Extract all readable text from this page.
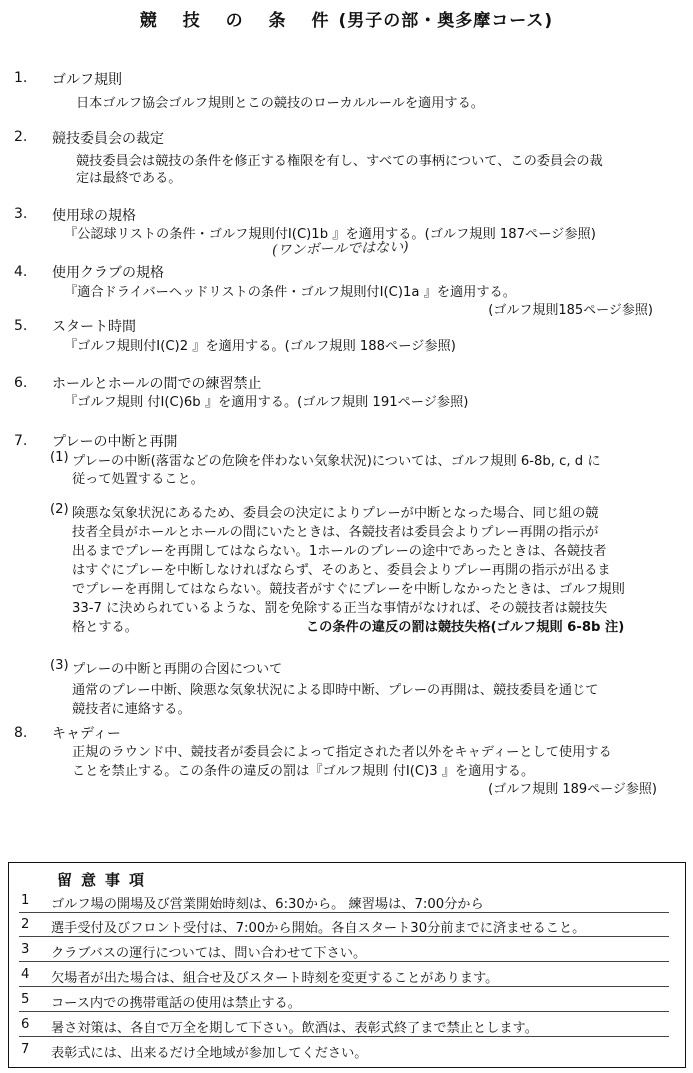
競 技 の 条 件(男子の部・奥多摩コース)
1. ゴルフ規則
日本ゴルフ協会ゴルフ規則とこの競技のローカルルールを適用する。
2. 競技委員会の裁定
競技委員会は競技の条件を修正する権限を有し、すべての事柄について、この委員会の裁
定は最終である。
3. 使用球の規格
『公認球リストの条件・ゴルフ規則付Ⅰ(C)1b 』を適用する。(ゴルフ規則 187ページ参照)
(ワンボールではない)
4. 使用クラブの規格
『適合ドライバーヘッドリストの条件・ゴルフ規則付Ⅰ(C)1a 』を適用する。
(ゴルフ規則185ページ参照)
5. スタート時間
『ゴルフ規則付Ⅰ(C)2 』を適用する。(ゴルフ規則 188ページ参照)
6. ホールとホールの間での練習禁止
『ゴルフ規則 付Ⅰ(C)6b 』を適用する。(ゴルフ規則 191ページ参照)
7. プレーの中断と再開
(1) プレーの中断(落雷などの危険を伴わない気象状況)については、ゴルフ規則 6-8b, c, d に
従って処置すること。
(2) 険悪な気象状況にあるため、委員会の決定によりプレーが中断となった場合、同じ組の競
技者全員がホールとホールの間にいたときは、各競技者は委員会よりプレー再開の指示が
出るまでプレーを再開してはならない。1ホールのプレーの途中であったときは、各競技者
はすぐにプレーを中断しなければならず、そのあと、委員会よりプレー再開の指示が出るま
でプレーを再開してはならない。競技者がすぐにプレーを中断しなかったときは、ゴルフ規則
33-7 に決められているような、罰を免除する正当な事情がなければ、その競技者は競技失
格とする。	この条件の違反の罰は競技失格(ゴルフ規則 6-8b 注)
(3) プレーの中断と再開の合図について
通常のプレー中断、険悪な気象状況による即時中断、プレーの再開は、競技委員を通じて
競技者に連絡する。
8. キャディー
正規のラウンド中、競技者が委員会によって指定された者以外をキャディーとして使用する
ことを禁止する。この条件の違反の罰は『ゴルフ規則 付Ⅰ(C)3 』を適用する。
(ゴルフ規則 189ページ参照)
留意事項
1 ゴルフ場の開場及び営業開始時刻は、6:30から。 練習場は、7:00分から
2 選手受付及びフロント受付は、7:00から開始。各自スタート30分前までに済ませること。
3 クラブバスの運行については、問い合わせて下さい。
4 欠場者が出た場合は、組合せ及びスタート時刻を変更することがあります。
5 コース内での携帯電話の使用は禁止する。
6 暑さ対策は、各自で万全を期して下さい。飲酒は、表彰式終了まで禁止とします。
7 表彰式には、出来るだけ全地域が参加してください。
